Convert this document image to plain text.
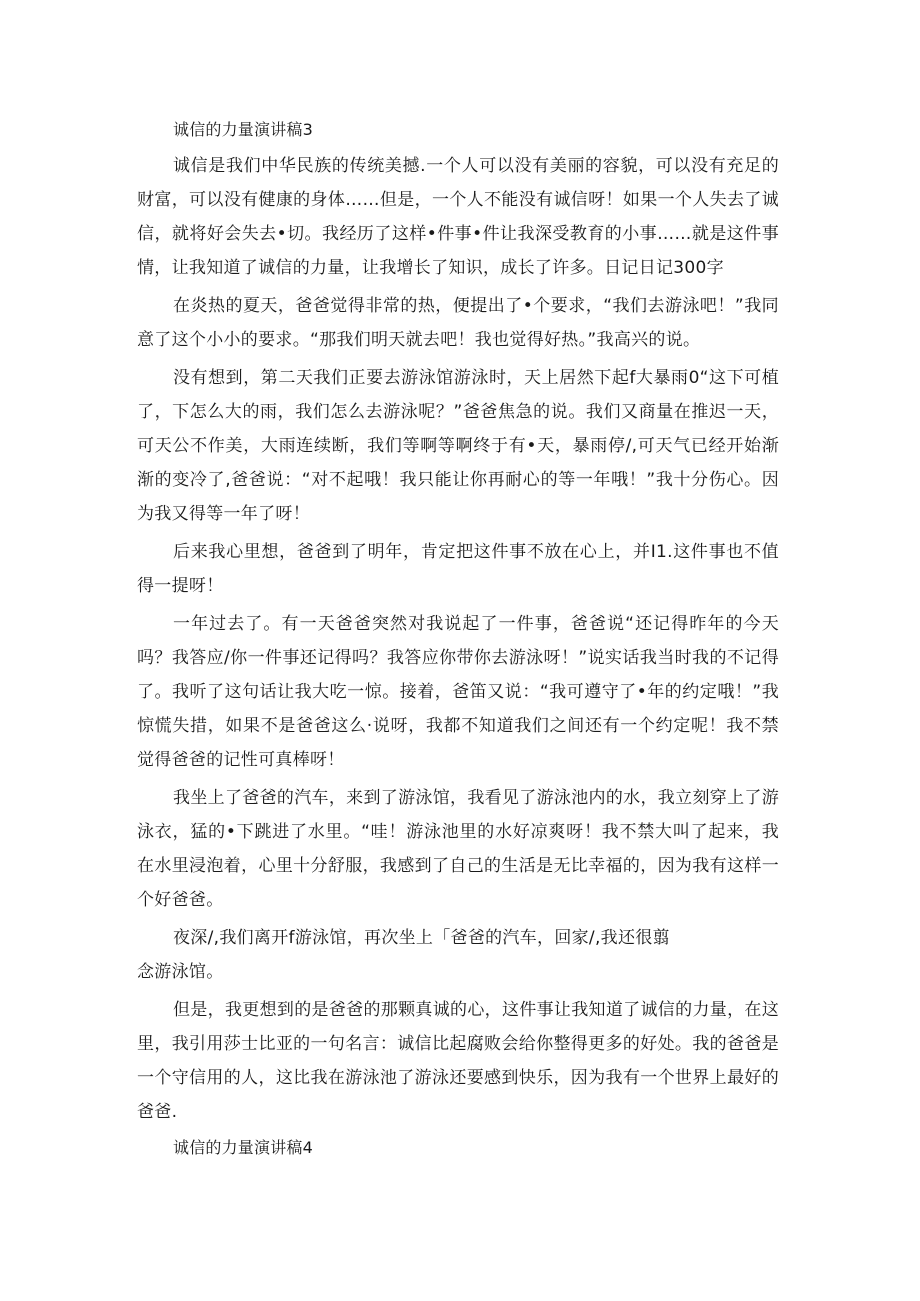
诚信的力量演讲稿3

诚信是我们中华民族的传统美撼.一个人可以没有美丽的容貌，可以没有充足的财富，可以没有健康的身体……但是，一个人不能没有诚信呀！如果一个人失去了诚信，就将好会失去•切。我经历了这样•件事•件让我深受教育的小事……就是这件事情，让我知道了诚信的力量，让我增长了知识，成长了许多。日记日记300字

在炎热的夏天，爸爸觉得非常的热，便提出了•个要求，“我们去游泳吧！”我同意了这个小小的要求。“那我们明天就去吧！我也觉得好热。”我高兴的说。

没有想到，第二天我们正要去游泳馆游泳时，天上居然下起f大暴雨0“这下可植了，下怎么大的雨，我们怎么去游泳呢？”爸爸焦急的说。我们又商量在推迟一天，可天公不作美，大雨连续断，我们等啊等啊终于有•天，暴雨停/,可天气已经开始渐渐的变冷了,爸爸说：“对不起哦！我只能让你再耐心的等一年哦！”我十分伤心。因为我又得等一年了呀！

后来我心里想，爸爸到了明年，肯定把这件事不放在心上，并I1.这件事也不值得一提呀！

一年过去了。有一天爸爸突然对我说起了一件事，爸爸说“还记得昨年的今天吗？我答应/你一件事还记得吗？我答应你带你去游泳呀！”说实话我当时我的不记得了。我听了这句话让我大吃一惊。接着，爸笛又说：“我可遵守了•年的约定哦！”我惊慌失措，如果不是爸爸这么·说呀，我都不知道我们之间还有一个约定呢！我不禁觉得爸爸的记性可真棒呀！

我坐上了爸爸的汽车，来到了游泳馆，我看见了游泳池内的水，我立刻穿上了游泳衣，猛的•下跳进了水里。“哇！游泳池里的水好凉爽呀！我不禁大叫了起来，我在水里浸泡着，心里十分舒服，我感到了自己的生活是无比幸福的，因为我有这样一个好爸爸。

夜深/,我们离开f游泳馆，再次坐上「爸爸的汽车，回家/,我还很翦

念游泳馆。

但是，我更想到的是爸爸的那颗真诚的心，这件事让我知道了诚信的力量，在这里，我引用莎士比亚的一句名言：诚信比起腐败会给你整得更多的好处。我的爸爸是一个守信用的人，这比我在游泳池了游泳还要感到快乐，因为我有一个世界上最好的爸爸.

诚信的力量演讲稿4
